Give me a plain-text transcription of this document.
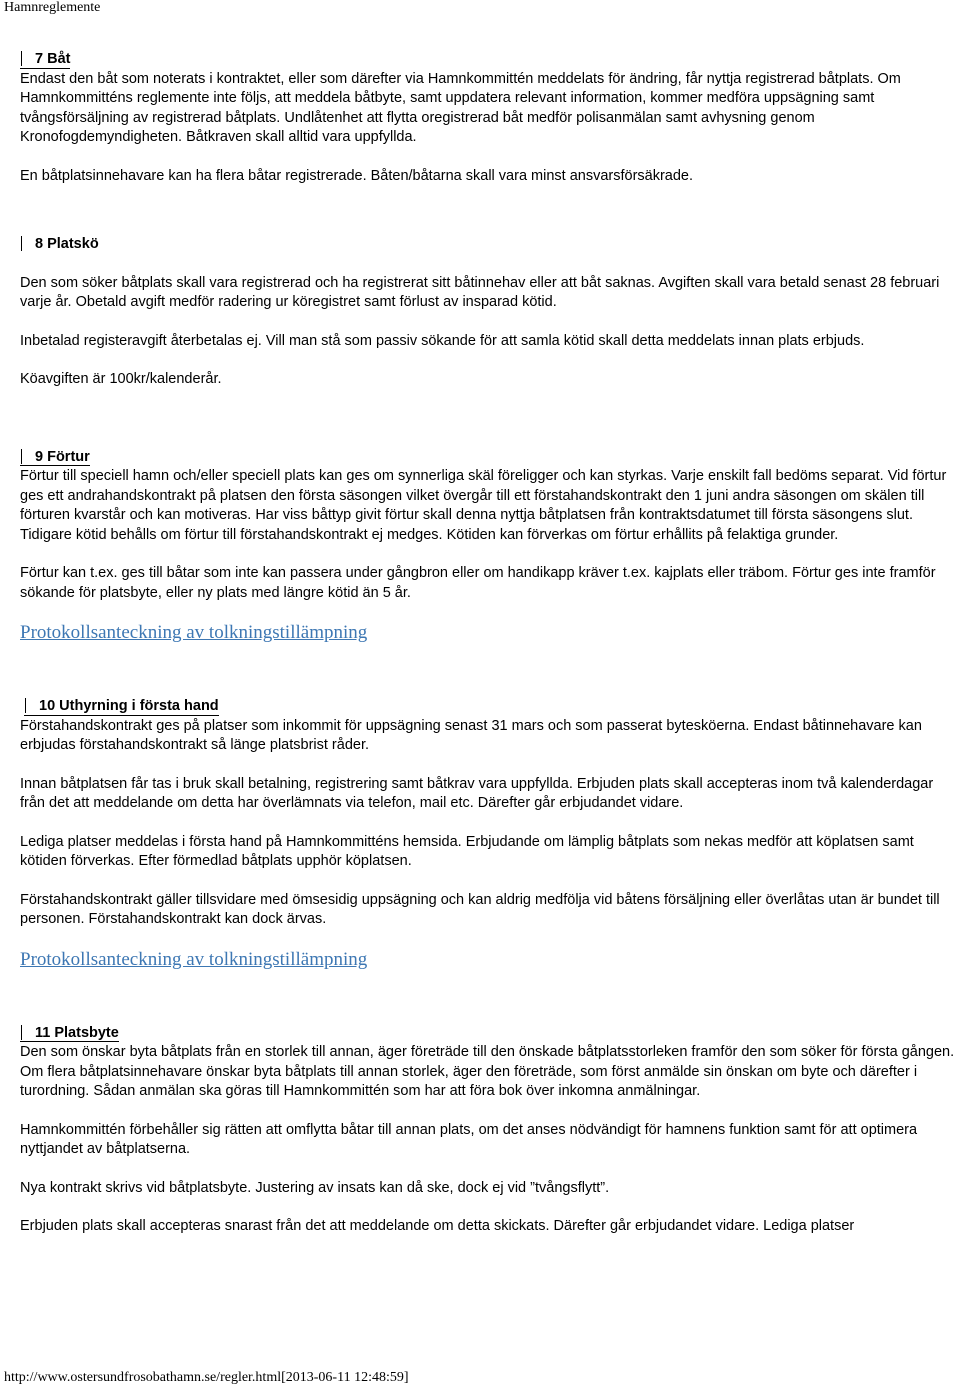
Hamnreglemente
7 Båt

Endast den båt som noterats i kontraktet, eller som därefter via Hamnkommittén meddelats för ändring, får nyttja registrerad båtplats. Om Hamnkommitténs reglemente inte följs, att meddela båtbyte, samt uppdatera relevant information, kommer medföra uppsägning samt tvångsförsäljning av registrerad båtplats. Undlåtenhet att flytta oregistrerad båt medför polisanmälan samt avhysning genom Kronofogdemyndigheten. Båtkraven skall alltid vara uppfyllda.

En båtplatsinnehavare kan ha flera båtar registrerade. Båten/båtarna skall vara minst ansvarsförsäkrade.

8 Platskö

Den som söker båtplats skall vara registrerad och ha registrerat sitt båtinnehav eller att båt saknas. Avgiften skall vara betald senast 28 februari varje år. Obetald avgift medför radering ur köregistret samt förlust av insparad kötid.

Inbetalad registeravgift återbetalas ej. Vill man stå som passiv sökande för att samla kötid skall detta meddelats innan plats erbjuds.

Köavgiften är 100kr/kalenderår.

9 Förtur

Förtur till speciell hamn och/eller speciell plats kan ges om synnerliga skäl föreligger och kan styrkas. Varje enskilt fall bedöms separat. Vid förtur ges ett andrahandskontrakt på platsen den första säsongen vilket övergår till ett förstahandskontrakt den 1 juni andra säsongen om skälen till förturen kvarstår och kan motiveras. Har viss båttyp givit förtur skall denna nyttja båtplatsen från kontraktsdatumet till första säsongens slut. Tidigare kötid behålls om förtur till förstahandskontrakt ej medges. Kötiden kan förverkas om förtur erhållits på felaktiga grunder.

Förtur kan t.ex. ges till båtar som inte kan passera under gångbron eller om handikapp kräver t.ex. kajplats eller träbom. Förtur ges inte framför sökande för platsbyte, eller ny plats med längre kötid än 5 år.

Protokollsanteckning av tolkningstillämpning
10 Uthyrning i första hand

Förstahandskontrakt ges på platser som inkommit för uppsägning senast 31 mars och som passerat bytesköerna. Endast båtinnehavare kan erbjudas förstahandskontrakt så länge platsbrist råder.

Innan båtplatsen får tas i bruk skall betalning, registrering samt båtkrav vara uppfyllda. Erbjuden plats skall accepteras inom två kalenderdagar från det att meddelande om detta har överlämnats via telefon, mail etc. Därefter går erbjudandet vidare.

Lediga platser meddelas i första hand på Hamnkommitténs hemsida. Erbjudande om lämplig båtplats som nekas medför att köplatsen samt kötiden förverkas. Efter förmedlad båtplats upphör köplatsen.

Förstahandskontrakt gäller tillsvidare med ömsesidig uppsägning och kan aldrig medfölja vid båtens försäljning eller överlåtas utan är bundet till personen. Förstahandskontrakt kan dock ärvas.

Protokollsanteckning av tolkningstillämpning
11 Platsbyte

Den som önskar byta båtplats från en storlek till annan, äger företräde till den önskade båtplatsstorleken framför den som söker för första gången. Om flera båtplatsinnehavare önskar byta båtplats till annan storlek, äger den företräde, som först anmälde sin önskan om byte och därefter i turordning. Sådan anmälan ska göras till Hamnkommittén som har att föra bok över inkomna anmälningar.

Hamnkommittén förbehåller sig rätten att omflytta båtar till annan plats, om det anses nödvändigt för hamnens funktion samt för att optimera nyttjandet av båtplatserna.

Nya kontrakt skrivs vid båtplatsbyte. Justering av insats kan då ske, dock ej vid ”tvångsflytt”.

Erbjuden plats skall accepteras snarast från det att meddelande om detta skickats. Därefter går erbjudandet vidare. Lediga platser

http://www.ostersundfrosobathamn.se/regler.html[2013-06-11 12:48:59]
